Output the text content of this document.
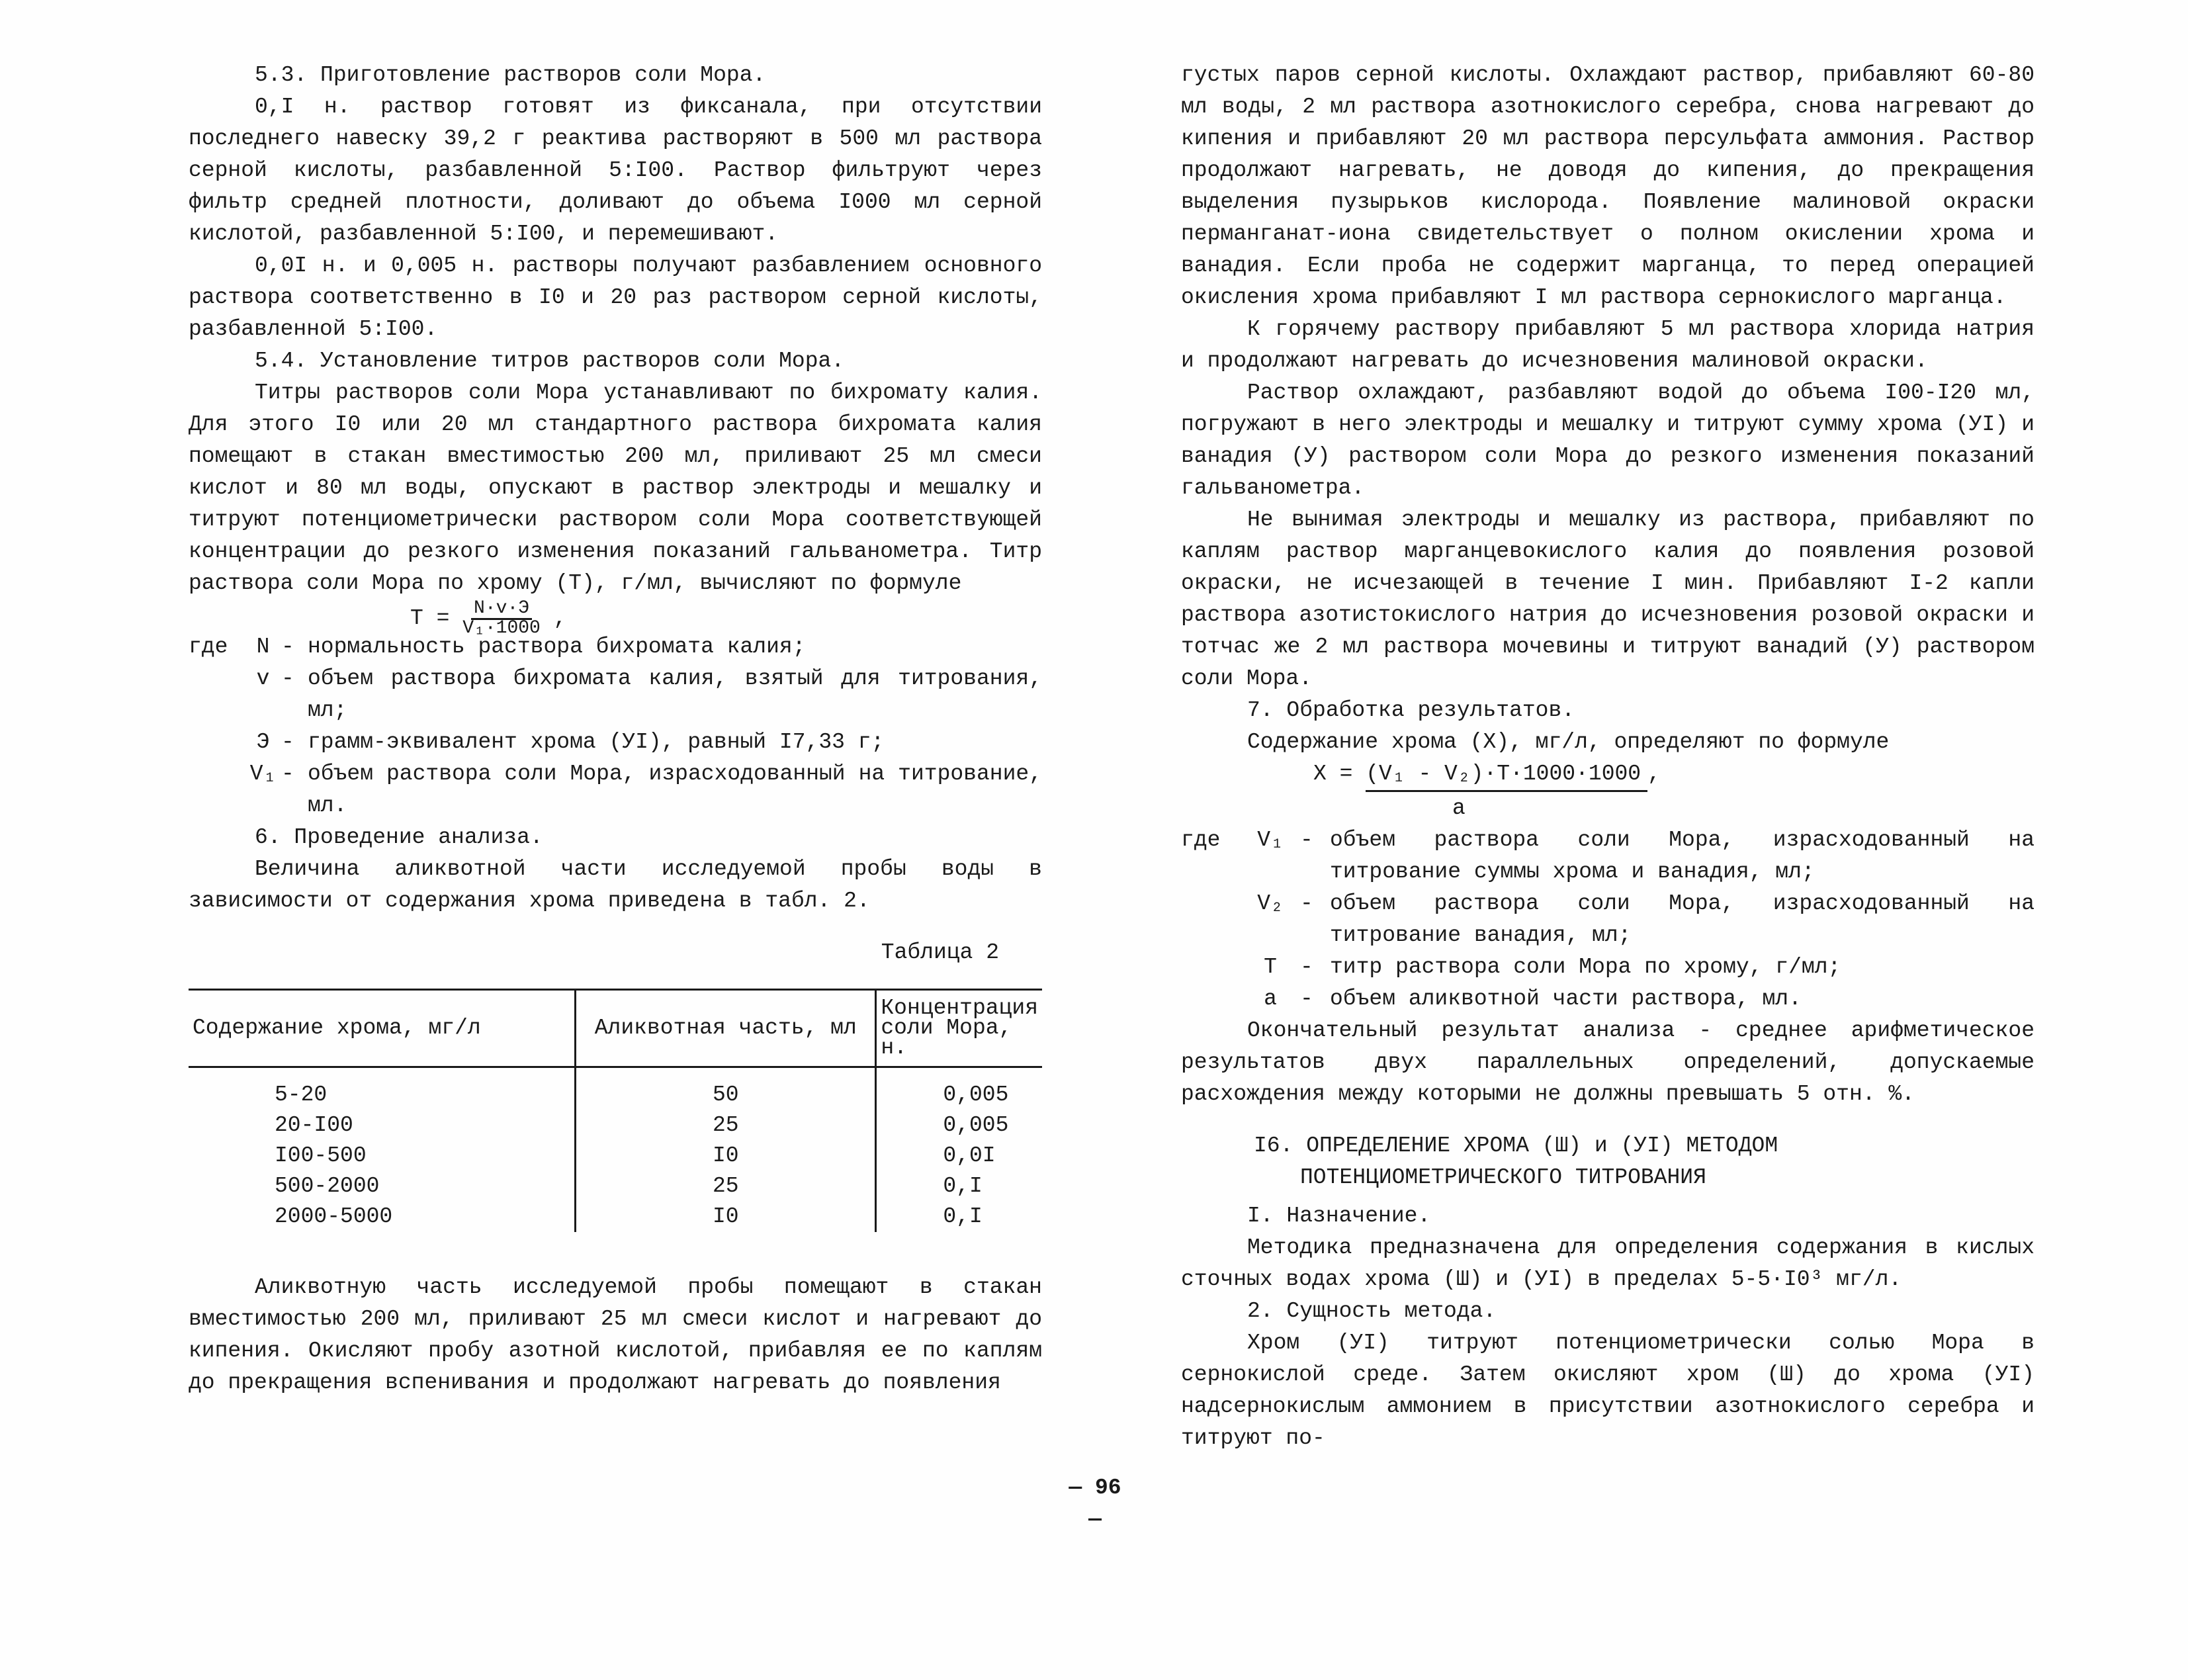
5.3. Приготовление растворов соли Мора.

0,I н. раствор готовят из фиксанала, при отсутствии последнего навеску 39,2 г реактива растворяют в 500 мл раствора серной кислоты, разбавленной 5:I00. Раствор фильтруют через фильтр средней плотности, доливают до объема I000 мл серной кислотой, разбавленной 5:I00, и перемешивают.

0,0I н. и 0,005 н. растворы получают разбавлением основного раствора соответственно в I0 и 20 раз раствором серной кислоты, разбавленной 5:I00.

5.4. Установление титров растворов соли Мора.

Титры растворов соли Мора устанавливают по бихромату калия. Для этого I0 или 20 мл стандартного раствора бихромата калия помещают в стакан вместимостью 200 мл, приливают 25 мл смеси кислот и 80 мл воды, опускают в раствор электроды и мешалку и титруют потенциометрически раствором соли Мора соответствующей концентрации до резкого изменения показаний гальванометра. Титр раствора соли Мора по хрому (Т), г/мл, вычисляют по формуле

$Т = \frac{N\cdot v\cdot Э}{\text{V₁·1000}}$ ,
где	N - нормальность раствора бихромата калия;
v - объем раствора бихромата калия, взятый для титрования, мл;
Э - грамм-эквивалент хрома (УI), равный I7,33 г;
V₁ - объем раствора соли Мора, израсходованный на титрование, мл.

6. Проведение анализа.

Величина аликвотной части исследуемой пробы воды в зависимости от содержания хрома приведена в табл. 2.

Таблица 2

Содержание хрома, мг/л	Аликвотная часть, мл	Концентрация соли Мора, н.
5-20	50	0,005
20-I00	25	0,005
I00-500	I0	0,0I
500-2000	25	0,I
2000-5000	I0	0,I

Аликвотную часть исследуемой пробы помещают в стакан вместимостью 200 мл, приливают 25 мл смеси кислот и нагревают до кипения. Окисляют пробу азотной кислотой, прибавляя ее по каплям до прекращения вспенивания и продолжают нагревать до появления

густых паров серной кислоты. Охлаждают раствор, прибавляют 60-80 мл воды, 2 мл раствора азотнокислого серебра, снова нагревают до кипения и прибавляют 20 мл раствора персульфата аммония. Раствор продолжают нагревать, не доводя до кипения, до прекращения выделения пузырьков кислорода. Появление малиновой окраски перманганат-иона свидетельствует о полном окислении хрома и ванадия. Если проба не содержит марганца, то перед операцией окисления хрома прибавляют I мл раствора сернокислого марганца.

К горячему раствору прибавляют 5 мл раствора хлорида натрия и продолжают нагревать до исчезновения малиновой окраски.

Раствор охлаждают, разбавляют водой до объема I00-I20 мл, погружают в него электроды и мешалку и титруют сумму хрома (УI) и ванадия (У) раствором соли Мора до резкого изменения показаний гальванометра.

Не вынимая электроды и мешалку из раствора, прибавляют по каплям раствор марганцевокислого калия до появления розовой окраски, не исчезающей в течение I мин. Прибавляют I-2 капли раствора азотистокислого натрия до исчезновения розовой окраски и тотчас же 2 мл раствора мочевины и титруют ванадий (У) раствором соли Мора.

7. Обработка результатов.

Содержание хрома (X), мг/л, определяют по формуле

X = (V₁ - V₂)·T·1000·1000 ,
a
где	V₁ - объем раствора соли Мора, израсходованный на титрование суммы хрома и ванадия, мл;
V₂ - объем раствора соли Мора, израсходованный на титрование ванадия, мл;
T	- титр раствора соли Мора по хрому, г/мл;
a	- объем аликвотной части раствора, мл.

Окончательный результат анализа - среднее арифметическое результатов двух параллельных определений, допускаемые расхождения между которыми не должны превышать 5 отн. %.

I6. ОПРЕДЕЛЕНИЕ ХРОМА (Ш) и (УI) МЕТОДОМ
ПОТЕНЦИОМЕТРИЧЕСКОГО ТИТРОВАНИЯ

I. Назначение.

Методика предназначена для определения содержания в кислых сточных водах хрома (Ш) и (УI) в пределах 5-5·I0³ мг/л.

2. Сущность метода.

Хром (УI) титруют потенциометрически солью Мора в сернокислой среде. Затем окисляют хром (Ш) до хрома (УI) надсернокислым аммонием в присутствии азотнокислого серебра и титруют по-

— 96 —
